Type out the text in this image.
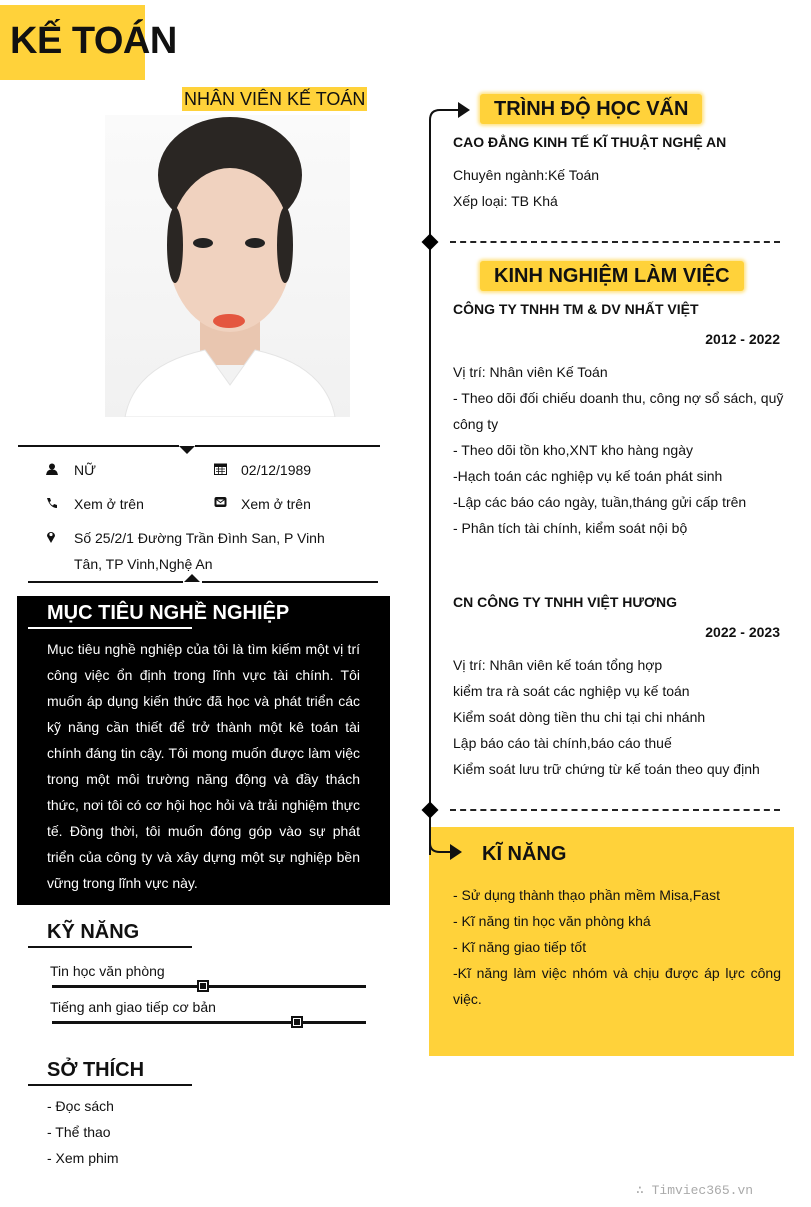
KẾ TOÁN
NHÂN VIÊN KẾ TOÁN
NỮ	02/12/1989
Xem ở trên	Xem ở trên
Số 25/2/1 Đường Trần Đình San, P Vinh
Tân, TP Vinh,Nghệ An
MỤC TIÊU NGHỀ NGHIỆP

Mục tiêu nghề nghiệp của tôi là tìm kiếm một vị trí công việc ổn định trong lĩnh vực tài chính. Tôi muốn áp dụng kiến thức đã học và phát triển các kỹ năng cần thiết để trở thành một kê toán tài chính đáng tin cậy. Tôi mong muốn được làm việc trong một môi trường năng động và đầy thách thức, nơi tôi có cơ hội học hỏi và trải nghiệm thực tế. Đồng thời, tôi muốn đóng góp vào sự phát triển của công ty và xây dựng một sự nghiệp bền vững trong lĩnh vực này.

KỸ NĂNG
Tin học văn phòng
Tiếng anh giao tiếp cơ bản
SỞ THÍCH
- Đọc sách
- Thể thao
- Xem phim
- Sử dụng thành thạo phần mềm Misa,Fast
- Kĩ năng tin học văn phòng khá
- Kĩ năng giao tiếp tốt
-Kĩ năng làm việc nhóm và chịu được áp lực công việc.
TRÌNH ĐỘ HỌC VẤN
CAO ĐẲNG KINH TẾ KĨ THUẬT NGHỆ AN
Chuyên ngành:Kế Toán
Xếp loại: TB Khá
KINH NGHIỆM LÀM VIỆC
CÔNG TY TNHH TM & DV NHẤT VIỆT
2012 - 2022
Vị trí: Nhân viên Kế Toán
- Theo dõi đối chiếu doanh thu, công nợ sổ sách, quỹ
công ty
- Theo dõi tồn kho,XNT kho hàng ngày
-Hạch toán các nghiệp vụ kế toán phát sinh
-Lập các báo cáo ngày, tuần,tháng gửi cấp trên
- Phân tích tài chính, kiểm soát nội bộ
CN CÔNG TY TNHH VIỆT HƯƠNG
2022 - 2023
Vị trí: Nhân viên kế toán tổng hợp
kiểm tra rà soát các nghiệp vụ kế toán
Kiểm soát dòng tiền thu chi tại chi nhánh
Lập báo cáo tài chính,báo cáo thuế
Kiểm soát lưu trữ chứng từ kế toán theo quy định
KĨ NĂNG
∴ Timviec365.vn
